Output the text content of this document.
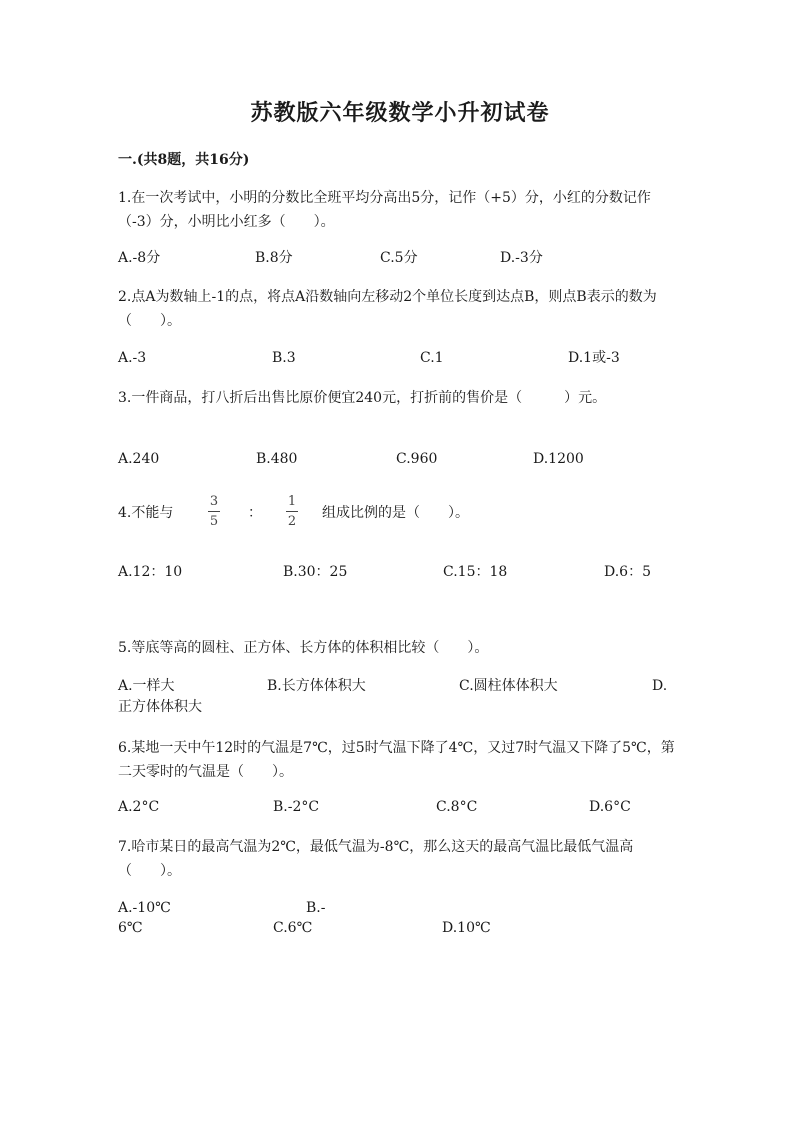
苏教版六年级数学小升初试卷
一.(共8题，共16分)
1.在一次考试中，小明的分数比全班平均分高出5分，记作（+5）分，小红的分数记作（-3）分，小明比小红多（　　）。
A.-8分	B.8分	C.5分	D.-3分
2.点A为数轴上-1的点，将点A沿数轴向左移动2个单位长度到达点B，则点B表示的数为（　　）。
A.-3	B.3	C.1	D.1或-3
3.一件商品，打八折后出售比原价便宜240元，打折前的售价是（　　　）元。
A.240	B.480	C.960	D.1200
4.不能与
3
5
：
1
2
组成比例的是（　　）。
A.12：10	B.30：25	C.15：18	D.6：5
5.等底等高的圆柱、正方体、长方体的体积相比较（　　）。
A.一样大	B.长方体体积大	C.圆柱体体积大	D.
正方体体积大
6.某地一天中午12时的气温是7℃，过5时气温下降了4℃，又过7时气温又下降了5℃，第二天零时的气温是（　　）。
A.2°C	B.-2°C	C.8°C	D.6°C
7.哈市某日的最高气温为2℃，最低气温为-8℃，那么这天的最高气温比最低气温高（　　）。
A.-10℃	B.-
6℃	C.6℃	D.10℃
